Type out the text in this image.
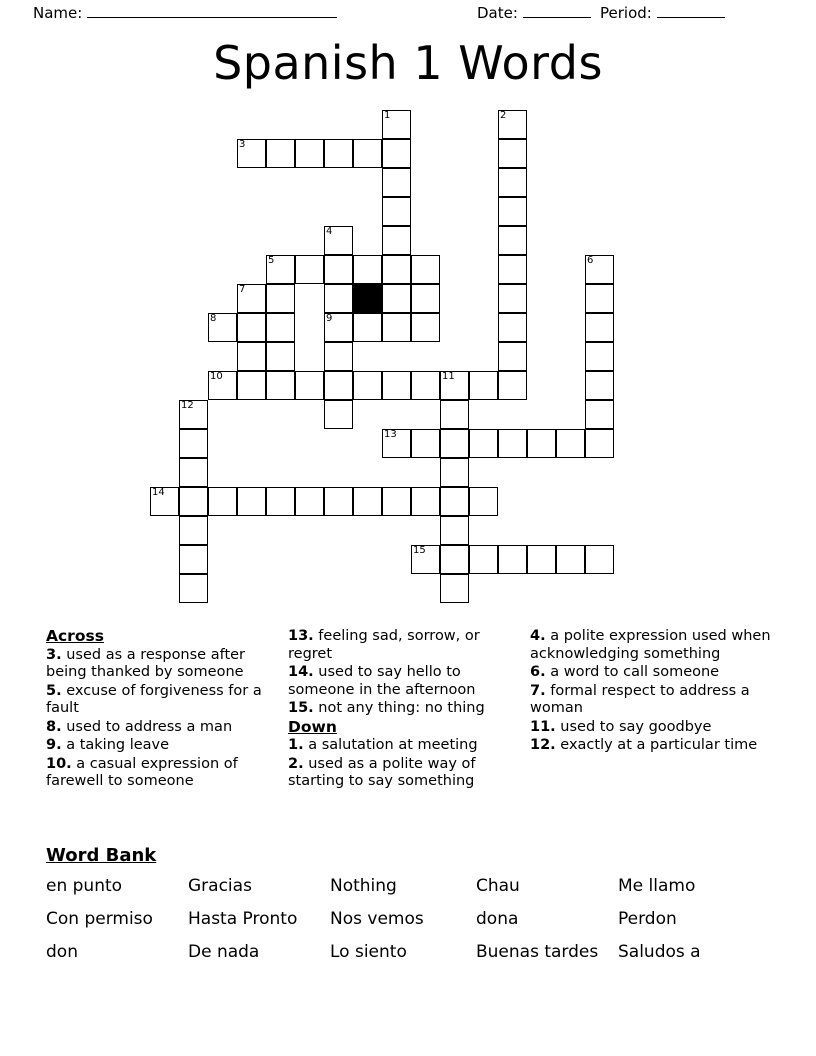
Name:	Date:	Period:
Spanish 1 Words
1	2
3
4
5	6
7
8	9
10	11
12
13
14
15
Across
3. used as a response after being thanked by someone
5. excuse of forgiveness for a fault
8. used to address a man
9. a taking leave
10. a casual expression of farewell to someone
13. feeling sad, sorrow, or regret
14. used to say hello to someone in the afternoon
15. not any thing: no thing
Down
1. a salutation at meeting
2. used as a polite way of starting to say something
4. a polite expression used when acknowledging something
6. a word to call someone
7. formal respect to address a woman
11. used to say goodbye
12. exactly at a particular time
Word Bank
en punto	Gracias	Nothing	Chau	Me llamo
Con permiso	Hasta Pronto	Nos vemos	dona	Perdon
don	De nada	Lo siento	Buenas tardes	Saludos a
